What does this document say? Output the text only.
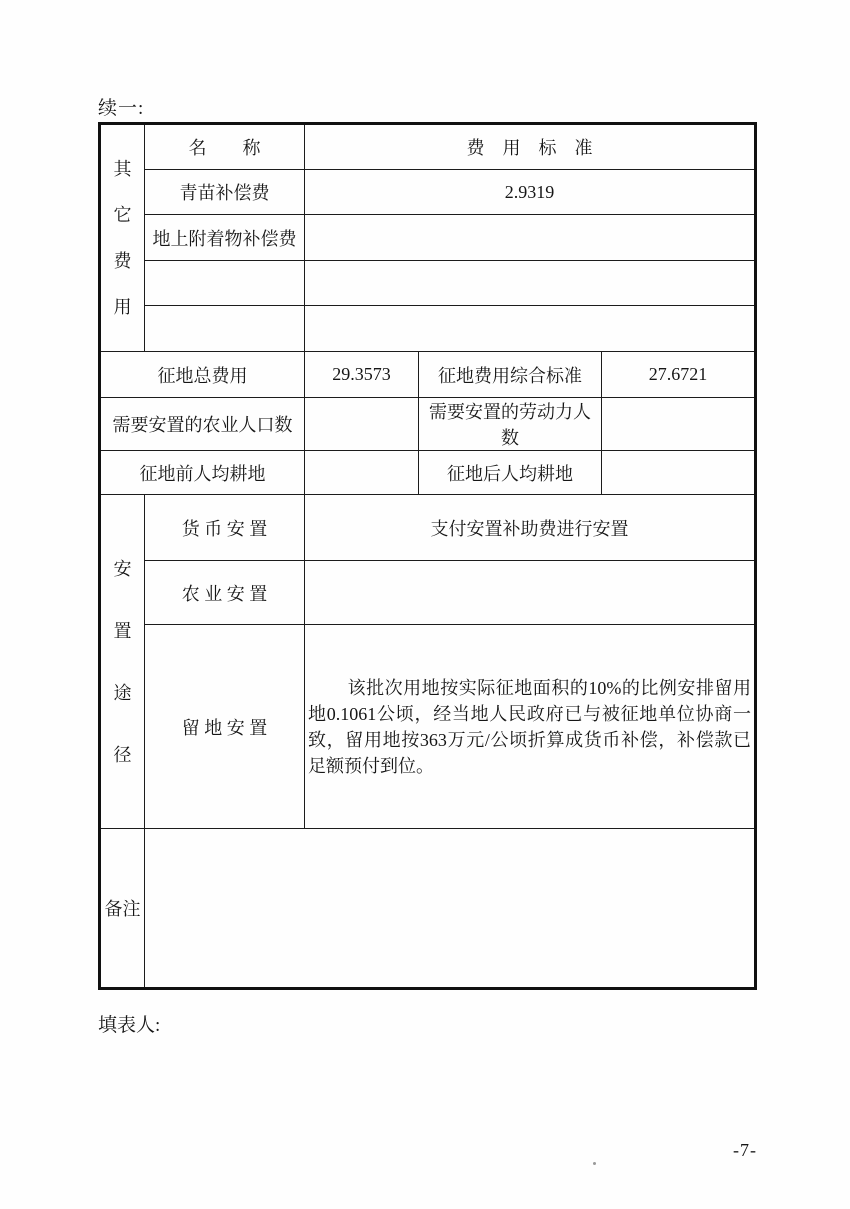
续一:
其它费用	名　　称	费　用　标　准		
	青苗补偿费	2.9319		
	地上附着物补偿费			

征地总费用		29.3573	征地费用综合标准	27.6721
需要安置的农业人口数			需要安置的劳动力人数	
征地前人均耕地			征地后人均耕地	

安置途径	货 币 安 置	支付安置补助费进行安置		
	农 业 安 置			
	留 地 安 置	该批次用地按实际征地面积的10%的比例安排留用地0.1061公顷，经当地人民政府已与被征地单位协商一致，留用地按363万元/公顷折算成货币补偿，补偿款已足额预付到位。		

备注				
填表人:
-7-
